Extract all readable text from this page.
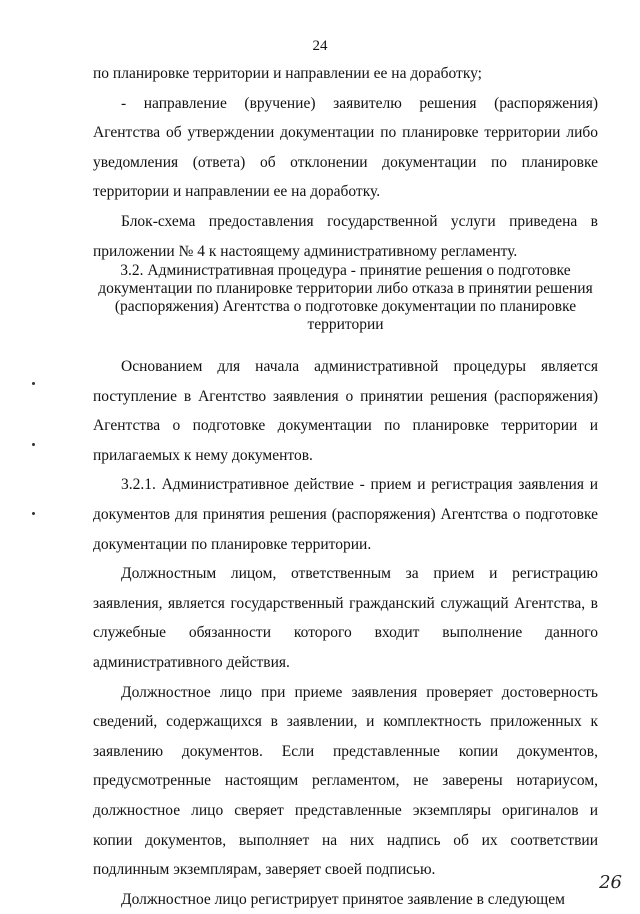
24

по планировке территории и направлении ее на доработку;

- направление (вручение) заявителю решения (распоряжения) Агентства об утверждении документации по планировке территории либо уведомления (ответа) об отклонении документации по планировке территории и направлении ее на доработку.

Блок-схема предоставления государственной услуги приведена в приложении № 4 к настоящему административному регламенту.

3.2. Административная процедура - принятие решения о подготовке

документации по планировке территории либо отказа в принятии решения

(распоряжения) Агентства о подготовке документации по планировке

территории

Основанием для начала административной процедуры является поступление в Агентство заявления о принятии решения (распоряжения) Агентства о подготовке документации по планировке территории и прилагаемых к нему документов.

3.2.1. Административное действие - прием и регистрация заявления и документов для принятия решения (распоряжения) Агентства о подготовке документации по планировке территории.

Должностным лицом, ответственным за прием и регистрацию заявления, является государственный гражданский служащий Агентства, в служебные обязанности которого входит выполнение данного административного действия.

Должностное лицо при приеме заявления проверяет достоверность сведений, содержащихся в заявлении, и комплектность приложенных к заявлению документов. Если представленные копии документов, предусмотренные настоящим регламентом, не заверены нотариусом, должностное лицо сверяет представленные экземпляры оригиналов и копии документов, выполняет на них надпись об их соответствии подлинным экземплярам, заверяет своей подписью.

Должностное лицо регистрирует принятое заявление в следующем

26
